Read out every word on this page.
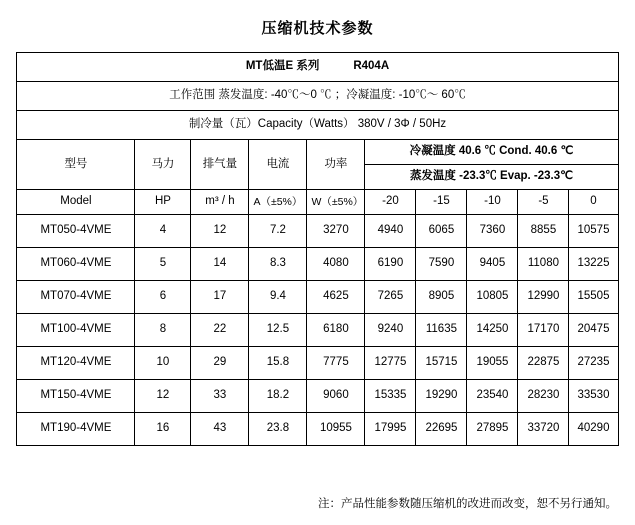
压缩机技术参数
MT低温E 系列 R404A									
工作范围 蒸发温度: -40℃～0 ℃ ；冷凝温度: -10℃～ 60℃									
制冷量（瓦）Capacity（Watts） 380V / 3Φ / 50Hz									
型号	马力	排气量	电流	功率	冷凝温度 40.6 ℃ Cond. 40.6 ℃				
					蒸发温度 -23.3℃ Evap. -23.3℃				
Model	HP	m³ / h	A（±5%）	W（±5%）	-20	-15	-10	-5	0
MT050-4VME	4	12	7.2	3270	4940	6065	7360	8855	10575
MT060-4VME	5	14	8.3	4080	6190	7590	9405	11080	13225
MT070-4VME	6	17	9.4	4625	7265	8905	10805	12990	15505
MT100-4VME	8	22	12.5	6180	9240	11635	14250	17170	20475
MT120-4VME	10	29	15.8	7775	12775	15715	19055	22875	27235
MT150-4VME	12	33	18.2	9060	15335	19290	23540	28230	33530
MT190-4VME	16	43	23.8	10955	17995	22695	27895	33720	40290
注：产品性能参数随压缩机的改进而改变，恕不另行通知。
